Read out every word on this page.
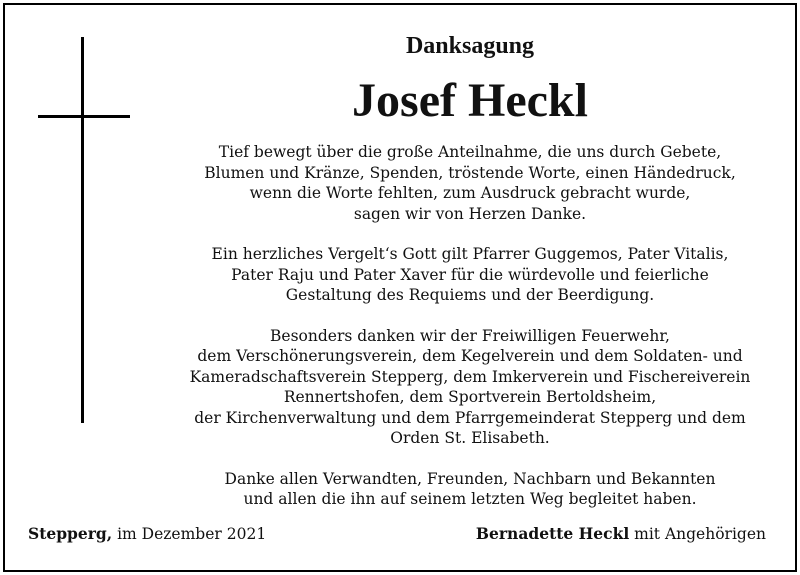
Danksagung
Josef Heckl
Tief bewegt über die große Anteilnahme, die uns durch Gebete,
Blumen und Kränze, Spenden, tröstende Worte, einen Händedruck,
wenn die Worte fehlten, zum Ausdruck gebracht wurde,
sagen wir von Herzen Danke.
Ein herzliches Vergelt‘s Gott gilt Pfarrer Guggemos, Pater Vitalis,
Pater Raju und Pater Xaver für die würdevolle und feierliche
Gestaltung des Requiems und der Beerdigung.
Besonders danken wir der Freiwilligen Feuerwehr,
dem Verschönerungsverein, dem Kegelverein und dem Soldaten- und
Kameradschaftsverein Stepperg, dem Imkerverein und Fischereiverein
Rennertshofen, dem Sportverein Bertoldsheim,
der Kirchenverwaltung und dem Pfarrgemeinderat Stepperg und dem
Orden St. Elisabeth.
Danke allen Verwandten, Freunden, Nachbarn und Bekannten
und allen die ihn auf seinem letzten Weg begleitet haben.
Stepperg, im Dezember 2021	Bernadette Heckl mit Angehörigen
